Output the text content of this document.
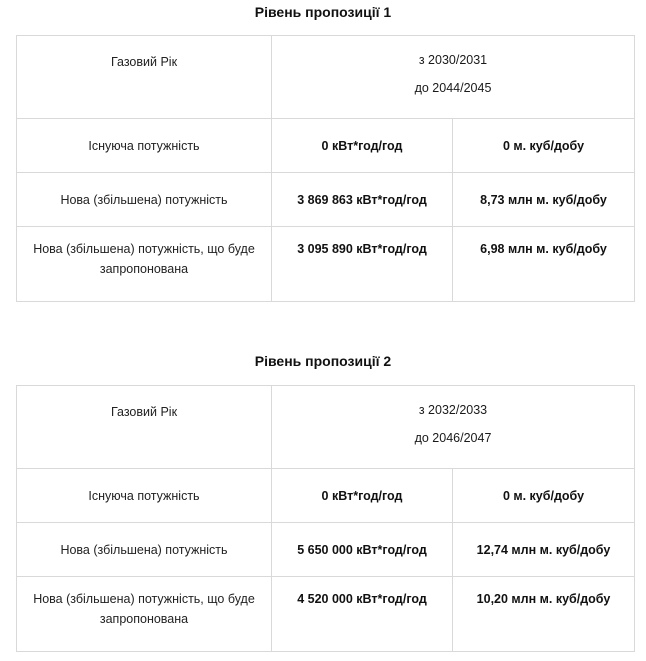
Рівень пропозиції 1
Газовий Рік	з 2030/2031
до 2044/2045	

Існуюча потужність	0 кВт*год/год	0 м. куб/добу
Нова (збільшена) потужність	3 869 863 кВт*год/год	8,73 млн м. куб/добу
Нова (збільшена) потужність, що буде запропонована	3 095 890 кВт*год/год	6,98 млн м. куб/добу
Рівень пропозиції 2
Газовий Рік	з 2032/2033
до 2046/2047	

Існуюча потужність	0 кВт*год/год	0 м. куб/добу
Нова (збільшена) потужність	5 650 000 кВт*год/год	12,74 млн м. куб/добу
Нова (збільшена) потужність, що буде запропонована	4 520 000 кВт*год/год	10,20 млн м. куб/добу
